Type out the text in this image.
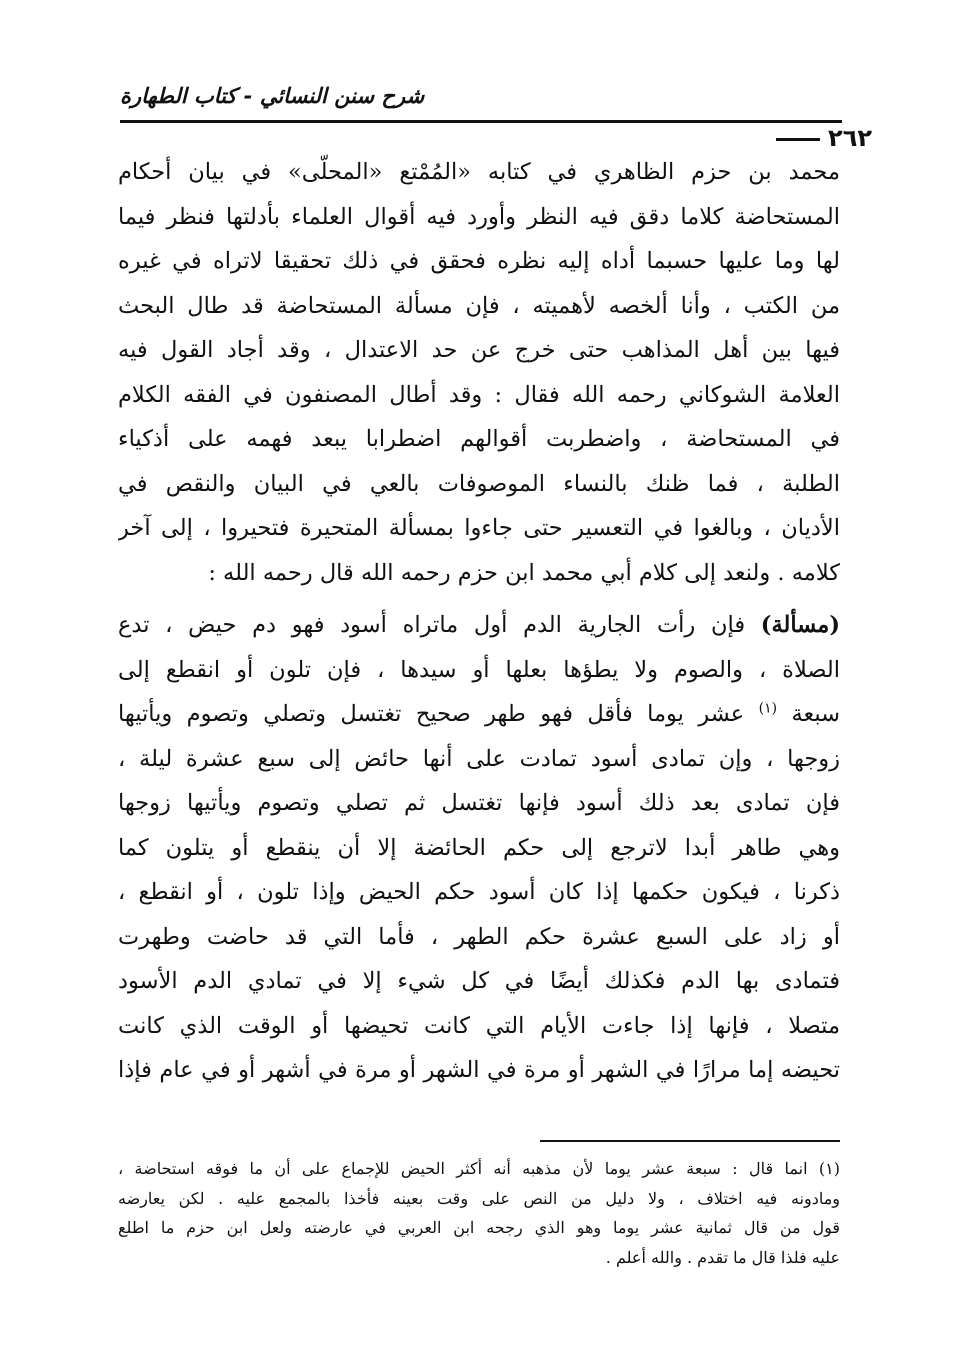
شرح سنن النسائي - كتاب الطهارة
٢٦٢
محمد بن حزم الظاهري في كتابه «المُمْتع «المحلّى» في بيان أحكام
المستحاضة كلاما دقق فيه النظر وأورد فيه أقوال العلماء بأدلتها فنظر فيما
لها وما عليها حسبما أداه إليه نظره فحقق في ذلك تحقيقا لاتراه في غيره
من الكتب ، وأنا ألخصه لأهميته ، فإن مسألة المستحاضة قد طال البحث
فيها بين أهل المذاهب حتى خرج عن حد الاعتدال ، وقد أجاد القول فيه
العلامة الشوكاني رحمه الله فقال : وقد أطال المصنفون في الفقه الكلام
في المستحاضة ، واضطربت أقوالهم اضطرابا يبعد فهمه على أذكياء
الطلبة ، فما ظنك بالنساء الموصوفات بالعي في البيان والنقص في
الأديان ، وبالغوا في التعسير حتى جاءوا بمسألة المتحيرة فتحيروا ، إلى آخر
كلامه . ولنعد إلى كلام أبي محمد ابن حزم رحمه الله قال رحمه الله :
(مسألة) فإن رأت الجارية الدم أول ماتراه أسود فهو دم حيض ، تدع
الصلاة ، والصوم ولا يطؤها بعلها أو سيدها ، فإن تلون أو انقطع إلى
سبعة $^{(١)}$ عشر يوما فأقل فهو طهر صحيح تغتسل وتصلي وتصوم ويأتيها
زوجها ، وإن تمادى أسود تمادت على أنها حائض إلى سبع عشرة ليلة ،
فإن تمادى بعد ذلك أسود فإنها تغتسل ثم تصلي وتصوم ويأتيها زوجها
وهي طاهر أبدا لاترجع إلى حكم الحائضة إلا أن ينقطع أو يتلون كما
ذكرنا ، فيكون حكمها إذا كان أسود حكم الحيض وإذا تلون ، أو انقطع ،
أو زاد على السبع عشرة حكم الطهر ، فأما التي قد حاضت وطهرت
فتمادى بها الدم فكذلك أيضًا في كل شيء إلا في تمادي الدم الأسود
متصلا ، فإنها إذا جاءت الأيام التي كانت تحيضها أو الوقت الذي كانت
تحيضه إما مرارًا في الشهر أو مرة في الشهر أو مرة في أشهر أو في عام فإذا
(١) انما قال : سبعة عشر يوما لأن مذهبه أنه أكثر الحيض للإجماع على أن ما فوقه استحاضة ،
ومادونه فيه اختلاف ، ولا دليل من النص على وقت بعينه فأخذا بالمجمع عليه . لكن يعارضه
قول من قال ثمانية عشر يوما وهو الذي رجحه ابن العربي في عارضته ولعل ابن حزم ما اطلع
عليه فلذا قال ما تقدم . والله أعلم .
